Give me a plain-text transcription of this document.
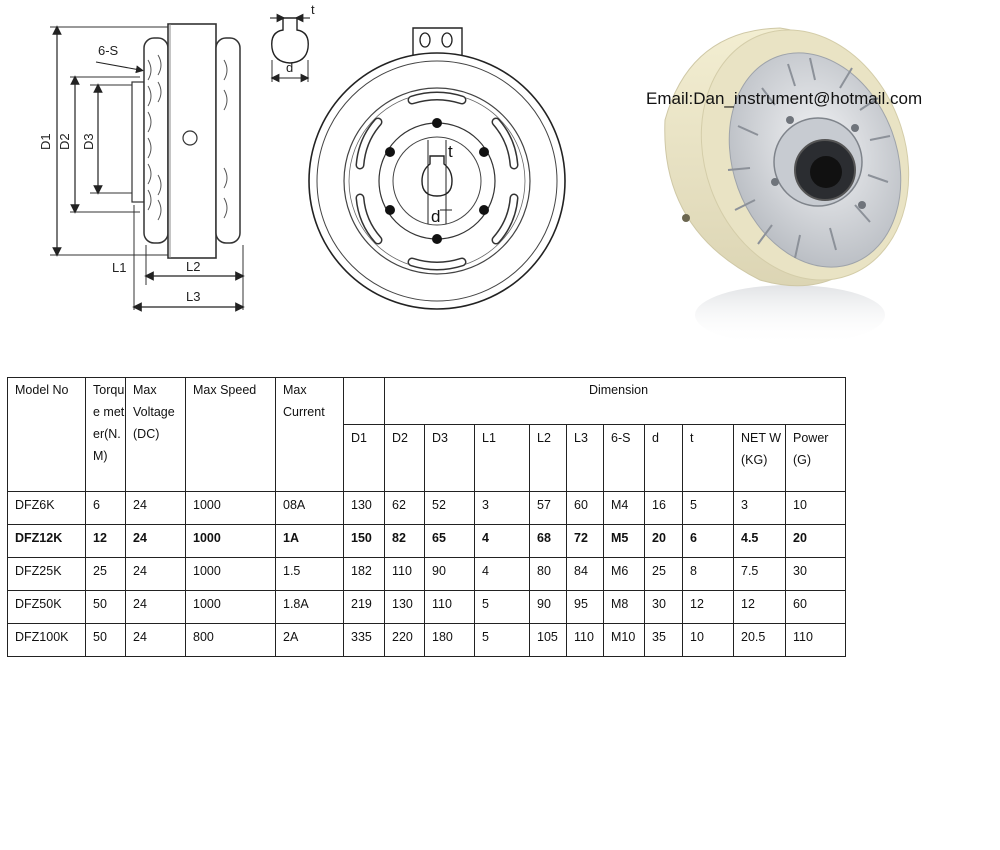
D1 D2 D3
6-S
L1	L2
L3
t
d
t
d
Email:Dan_instrument@hotmail.com
Model No	Torque meter(N.M)	Max Voltage (DC)	Max Speed	Max Current		Dimension									
					D1	D2	D3	L1	L2	L3	6-S	d	t	NET W(KG)	Power(G)
DFZ6K	6	24	1000	08A	130	62	52	3	57	60	M4	16	5	3	10
DFZ12K	12	24	1000	1A	150	82	65	4	68	72	M5	20	6	4.5	20
DFZ25K	25	24	1000	1.5	182	110	90	4	80	84	M6	25	8	7.5	30
DFZ50K	50	24	1000	1.8A	219	130	110	5	90	95	M8	30	12	12	60
DFZ100K	50	24	800	2A	335	220	180	5	105	110	M10	35	10	20.5	110
